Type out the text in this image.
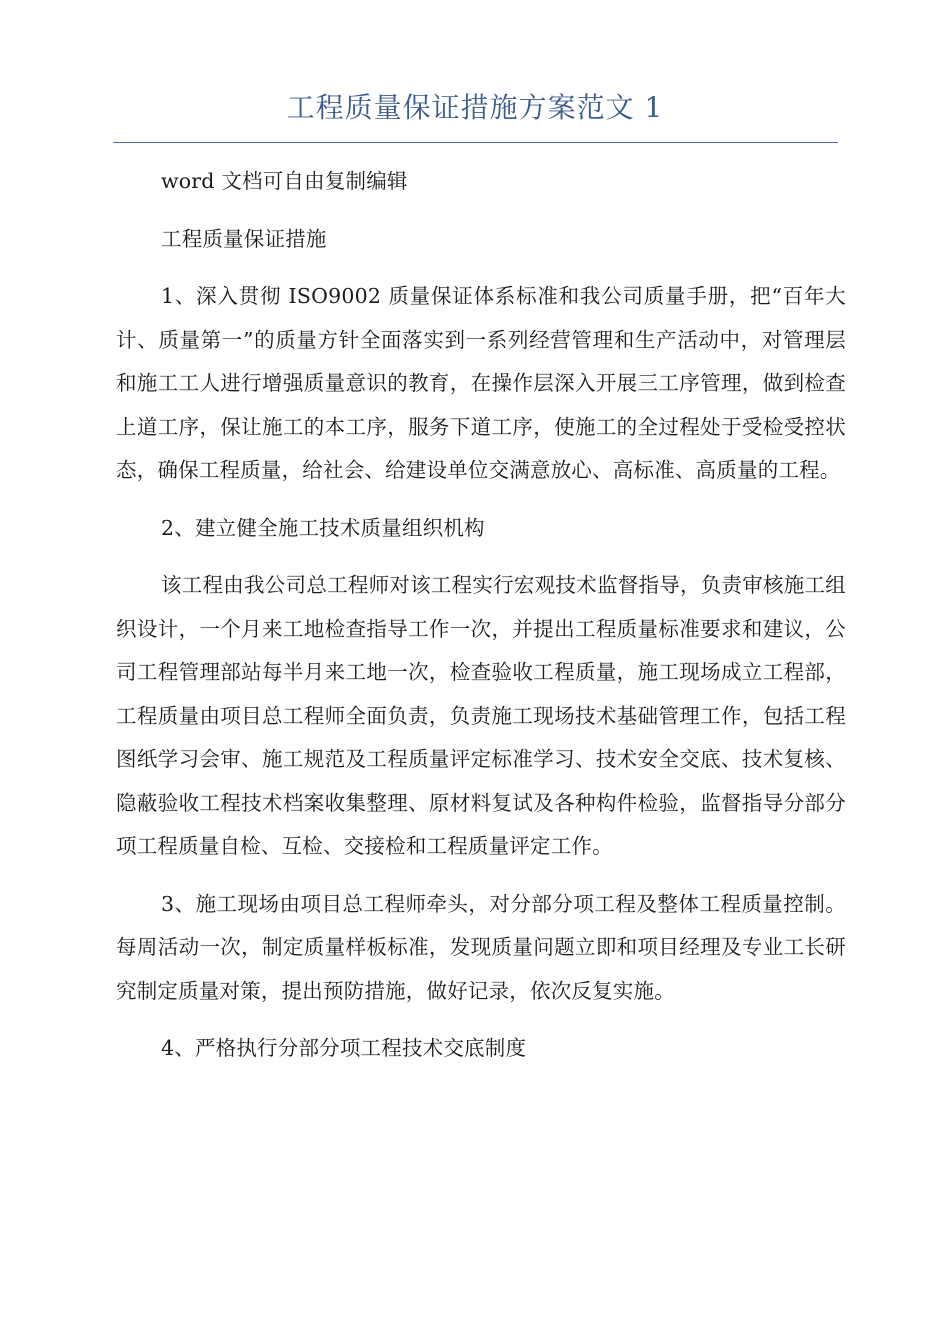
工程质量保证措施方案范文 1

word 文档可自由复制编辑

工程质量保证措施

1、深入贯彻 ISO9002 质量保证体系标准和我公司质量手册，把“百年大计、质量第一”的质量方针全面落实到一系列经营管理和生产活动中，对管理层和施工工人进行增强质量意识的教育，在操作层深入开展三工序管理，做到检查上道工序，保让施工的本工序，服务下道工序，使施工的全过程处于受检受控状态，确保工程质量，给社会、给建设单位交满意放心、高标准、高质量的工程。

2、建立健全施工技术质量组织机构

该工程由我公司总工程师对该工程实行宏观技术监督指导，负责审核施工组织设计，一个月来工地检查指导工作一次，并提出工程质量标准要求和建议，公司工程管理部站每半月来工地一次，检查验收工程质量，施工现场成立工程部，工程质量由项目总工程师全面负责，负责施工现场技术基础管理工作，包括工程图纸学习会审、施工规范及工程质量评定标准学习、技术安全交底、技术复核、隐蔽验收工程技术档案收集整理、原材料复试及各种构件检验，监督指导分部分项工程质量自检、互检、交接检和工程质量评定工作。

3、施工现场由项目总工程师牵头，对分部分项工程及整体工程质量控制。每周活动一次，制定质量样板标准，发现质量问题立即和项目经理及专业工长研究制定质量对策，提出预防措施，做好记录，依次反复实施。

4、严格执行分部分项工程技术交底制度
